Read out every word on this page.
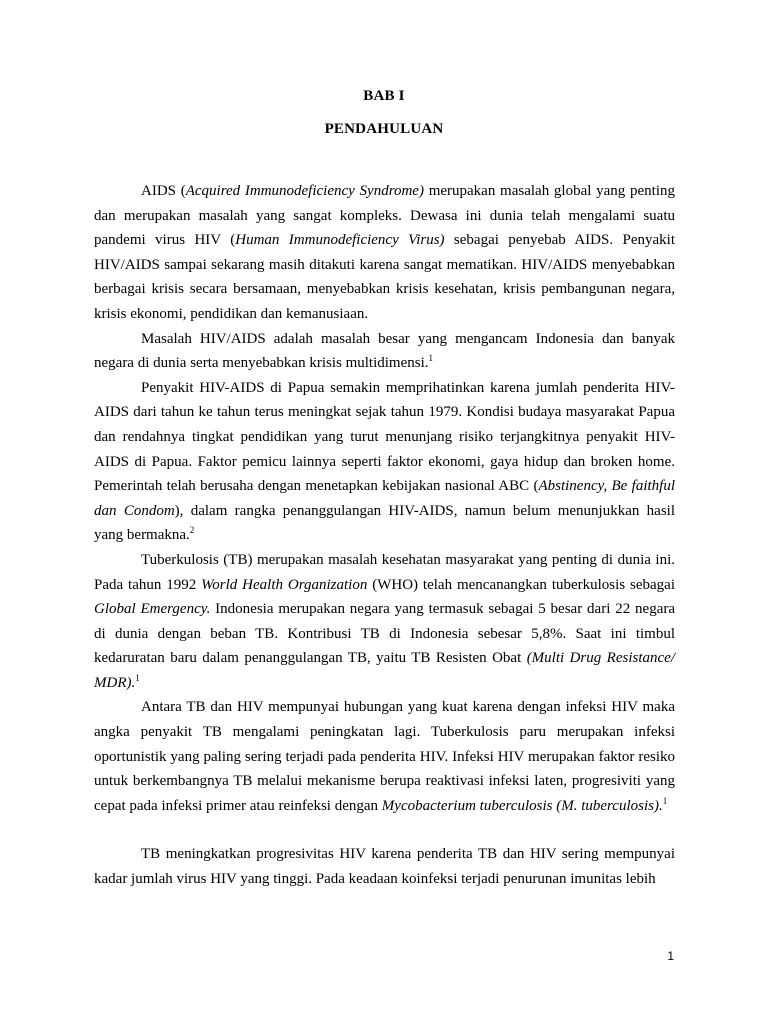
BAB I
PENDAHULUAN

AIDS (Acquired Immunodeficiency Syndrome) merupakan masalah global yang penting dan merupakan masalah yang sangat kompleks. Dewasa ini dunia telah mengalami suatu pandemi virus HIV (Human Immunodeficiency Virus) sebagai penyebab AIDS. Penyakit HIV/AIDS sampai sekarang masih ditakuti karena sangat mematikan. HIV/AIDS menyebabkan berbagai krisis secara bersamaan, menyebabkan krisis kesehatan, krisis pembangunan negara, krisis ekonomi, pendidikan dan kemanusiaan.

Masalah HIV/AIDS adalah masalah besar yang mengancam Indonesia dan banyak negara di dunia serta menyebabkan krisis multidimensi.$^1$

Penyakit HIV-AIDS di Papua semakin memprihatinkan karena jumlah penderita HIV-AIDS dari tahun ke tahun terus meningkat sejak tahun 1979. Kondisi budaya masyarakat Papua dan rendahnya tingkat pendidikan yang turut menunjang risiko terjangkitnya penyakit HIV-AIDS di Papua. Faktor pemicu lainnya seperti faktor ekonomi, gaya hidup dan broken home. Pemerintah telah berusaha dengan menetapkan kebijakan nasional ABC (Abstinency, Be faithful dan Condom), dalam rangka penanggulangan HIV-AIDS, namun belum menunjukkan hasil yang bermakna.$^2$

Tuberkulosis (TB) merupakan masalah kesehatan masyarakat yang penting di dunia ini. Pada tahun 1992 World Health Organization (WHO) telah mencanangkan tuberkulosis sebagai Global Emergency. Indonesia merupakan negara yang termasuk sebagai 5 besar dari 22 negara di dunia dengan beban TB. Kontribusi TB di Indonesia sebesar 5,8%. Saat ini timbul kedaruratan baru dalam penanggulangan TB, yaitu TB Resisten Obat (Multi Drug Resistance/ MDR).$^1$

Antara TB dan HIV mempunyai hubungan yang kuat karena dengan infeksi HIV maka angka penyakit TB mengalami peningkatan lagi. Tuberkulosis paru merupakan infeksi oportunistik yang paling sering terjadi pada penderita HIV. Infeksi HIV merupakan faktor resiko untuk berkembangnya TB melalui mekanisme berupa reaktivasi infeksi laten, progresiviti yang cepat pada infeksi primer atau reinfeksi dengan Mycobacterium tuberculosis (M. tuberculosis).$^1$

TB meningkatkan progresivitas HIV karena penderita TB dan HIV sering mempunyai kadar jumlah virus HIV yang tinggi. Pada keadaan koinfeksi terjadi penurunan imunitas lebih

1
